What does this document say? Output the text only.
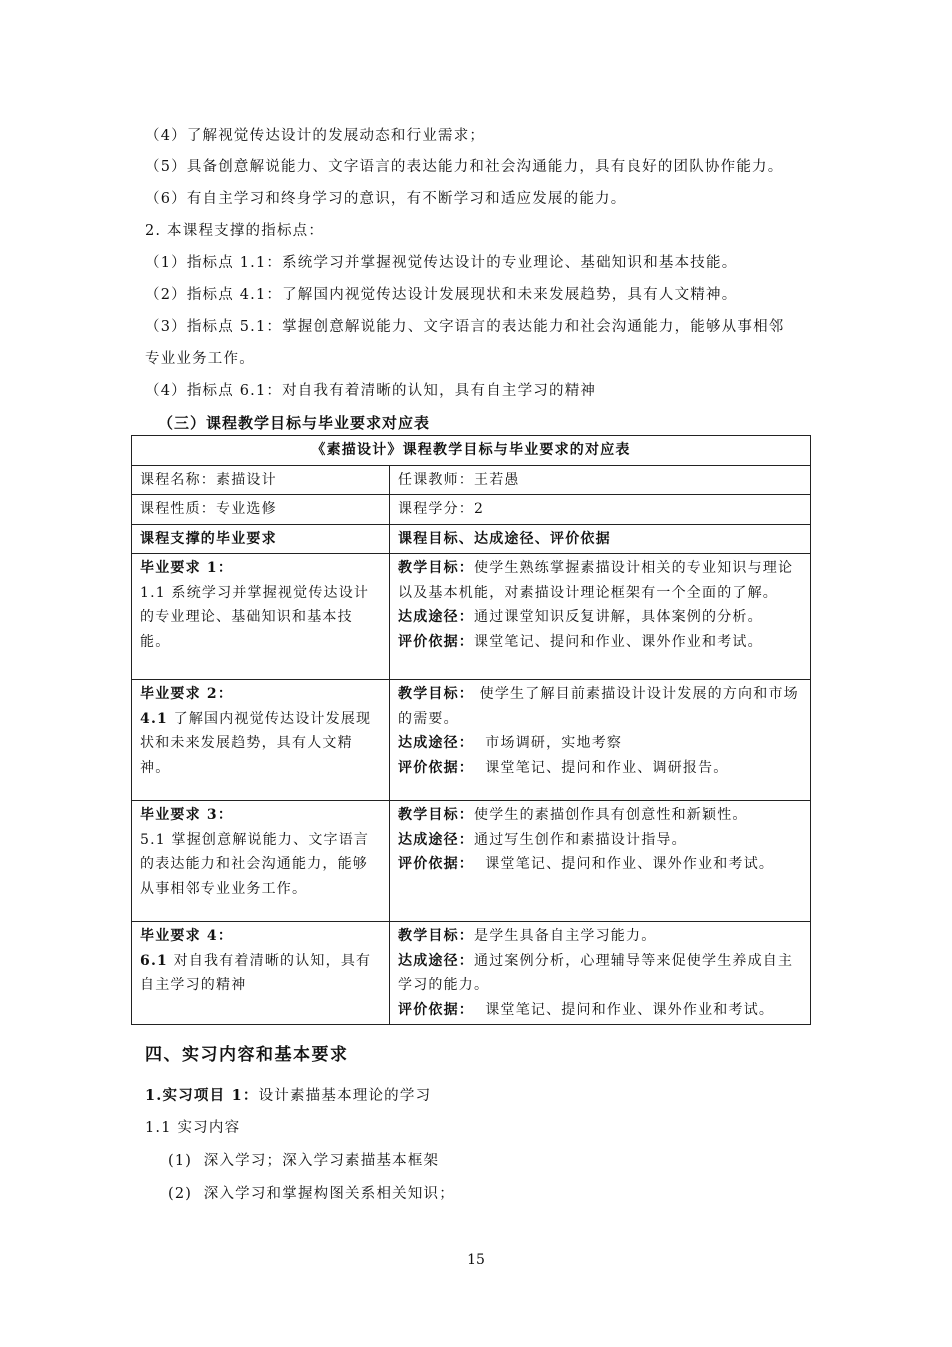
（4）了解视觉传达设计的发展动态和行业需求；
（5）具备创意解说能力、文字语言的表达能力和社会沟通能力，具有良好的团队协作能力。
（6）有自主学习和终身学习的意识，有不断学习和适应发展的能力。
2. 本课程支撑的指标点：
（1）指标点 1.1：系统学习并掌握视觉传达设计的专业理论、基础知识和基本技能。
（2）指标点 4.1：了解国内视觉传达设计发展现状和未来发展趋势，具有人文精神。
（3）指标点 5.1：掌握创意解说能力、文字语言的表达能力和社会沟通能力，能够从事相邻
专业业务工作。
（4）指标点 6.1：对自我有着清晰的认知，具有自主学习的精神
（三）课程教学目标与毕业要求对应表
《素描设计》课程教学目标与毕业要求的对应表	
课程名称：素描设计	任课教师：王若愚
课程性质：专业选修	课程学分：2
课程支撑的毕业要求	课程目标、达成途径、评价依据

毕业要求 1：
1.1 系统学习并掌握视觉传达设计的专业理论、基础知识和基本技能。	教学目标：使学生熟练掌握素描设计相关的专业知识与理论以及基本机能，对素描设计理论框架有一个全面的了解。
达成途径：通过课堂知识反复讲解，具体案例的分析。
评价依据：课堂笔记、提问和作业、课外作业和考试。

毕业要求 2：
4.1 了解国内视觉传达设计发展现状和未来发展趋势，具有人文精神。	教学目标： 使学生了解目前素描设计设计发展的方向和市场的需要。
达成途径：  市场调研，实地考察
评价依据：  课堂笔记、提问和作业、调研报告。

毕业要求 3：
5.1 掌握创意解说能力、文字语言的表达能力和社会沟通能力，能够从事相邻专业业务工作。	教学目标：使学生的素描创作具有创意性和新颖性。
达成途径：通过写生创作和素描设计指导。
评价依据：  课堂笔记、提问和作业、课外作业和考试。

毕业要求 4：
6.1 对自我有着清晰的认知，具有自主学习的精神	教学目标：是学生具备自主学习能力。
达成途径：通过案例分析，心理辅导等来促使学生养成自主学习的能力。
评价依据：  课堂笔记、提问和作业、课外作业和考试。
四、实习内容和基本要求
1.实习项目 1：设计素描基本理论的学习
1.1 实习内容
(1)  深入学习；深入学习素描基本框架
(2)  深入学习和掌握构图关系相关知识；
15
